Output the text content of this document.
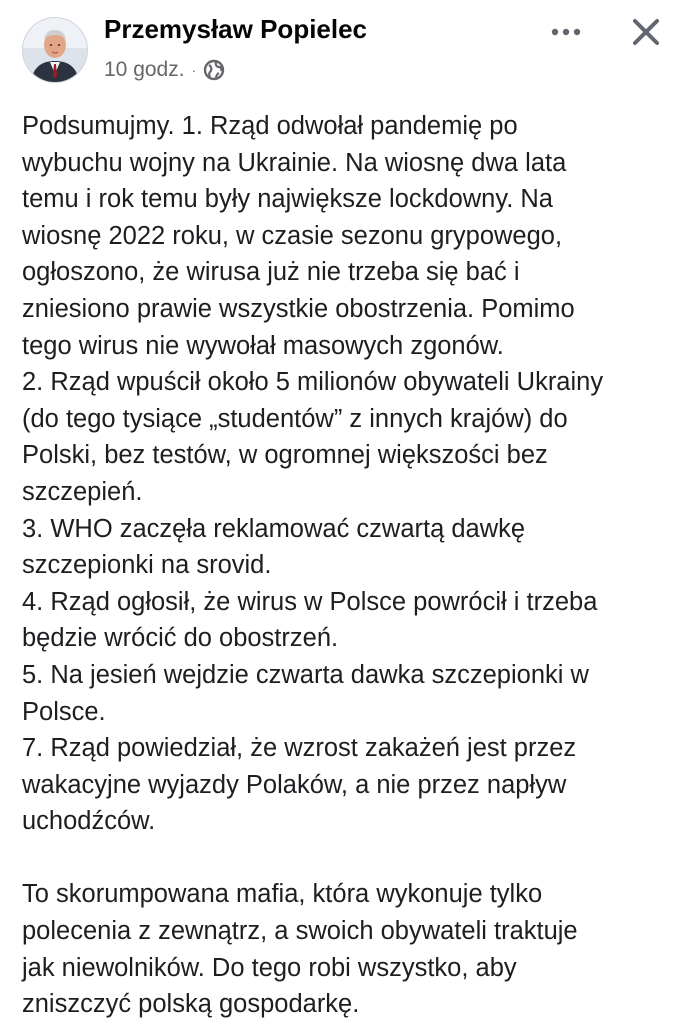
Przemysław Popielec
10 godz. ·
Podsumujmy. 1. Rząd odwołał pandemię po
wybuchu wojny na Ukrainie. Na wiosnę dwa lata
temu i rok temu były największe lockdowny. Na
wiosnę 2022 roku, w czasie sezonu grypowego,
ogłoszono, że wirusa już nie trzeba się bać i
zniesiono prawie wszystkie obostrzenia. Pomimo
tego wirus nie wywołał masowych zgonów.
2. Rząd wpuścił około 5 milionów obywateli Ukrainy
(do tego tysiące „studentów” z innych krajów) do
Polski, bez testów, w ogromnej większości bez
szczepień.
3. WHO zaczęła reklamować czwartą dawkę
szczepionki na srovid.
4. Rząd ogłosił, że wirus w Polsce powrócił i trzeba
będzie wrócić do obostrzeń.
5. Na jesień wejdzie czwarta dawka szczepionki w
Polsce.
7. Rząd powiedział, że wzrost zakażeń jest przez
wakacyjne wyjazdy Polaków, a nie przez napływ
uchodźców.
To skorumpowana mafia, która wykonuje tylko
polecenia z zewnątrz, a swoich obywateli traktuje
jak niewolników. Do tego robi wszystko, aby
zniszczyć polską gospodarkę.
